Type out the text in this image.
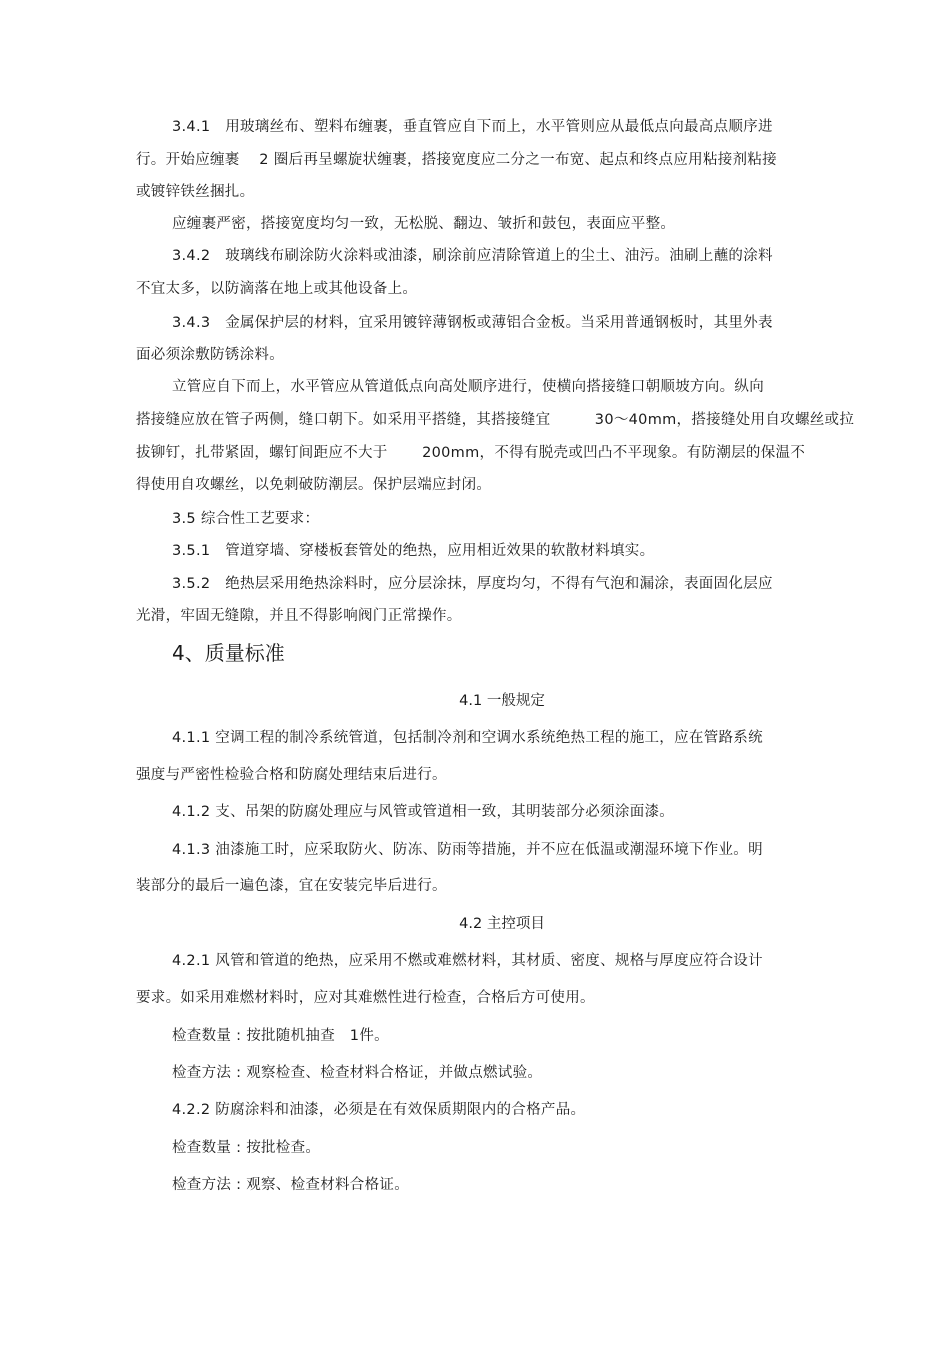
3.4.1　用玻璃丝布、塑料布缠裹，垂直管应自下而上，水平管则应从最低点向最高点顺序进
行。开始应缠裹　 2 圈后再呈螺旋状缠裹，搭接宽度应二分之一布宽、起点和终点应用粘接剂粘接
或镀锌铁丝捆扎。
应缠裹严密，搭接宽度均匀一致，无松脱、翻边、皱折和鼓包，表面应平整。
3.4.2　玻璃线布刷涂防火涂料或油漆，刷涂前应清除管道上的尘土、油污。油刷上蘸的涂料
不宜太多，以防滴落在地上或其他设备上。
3.4.3　金属保护层的材料，宜采用镀锌薄钢板或薄铝合金板。当采用普通钢板时，其里外表
面必须涂敷防锈涂料。
立管应自下而上，水平管应从管道低点向高处顺序进行，使横向搭接缝口朝顺坡方向。纵向
搭接缝应放在管子两侧，缝口朝下。如采用平搭缝，其搭接缝宜　　　30～40mm，搭接缝处用自攻螺丝或拉
拔铆钉，扎带紧固，螺钉间距应不大于　　 200mm，不得有脱壳或凹凸不平现象。有防潮层的保温不
得使用自攻螺丝，以免刺破防潮层。保护层端应封闭。
3.5 综合性工艺要求：
3.5.1　管道穿墙、穿楼板套管处的绝热，应用相近效果的软散材料填实。
3.5.2　绝热层采用绝热涂料时，应分层涂抹，厚度均匀，不得有气泡和漏涂，表面固化层应
光滑，牢固无缝隙，并且不得影响阀门正常操作。
4、质量标准
4.1 一般规定
4.1.1 空调工程的制冷系统管道，包括制冷剂和空调水系统绝热工程的施工，应在管路系统
强度与严密性检验合格和防腐处理结束后进行。
4.1.2 支、吊架的防腐处理应与风管或管道相一致，其明装部分必须涂面漆。
4.1.3 油漆施工时，应采取防火、防冻、防雨等措施，并不应在低温或潮湿环境下作业。明
装部分的最后一遍色漆，宜在安装完毕后进行。
4.2 主控项目
4.2.1 风管和管道的绝热，应采用不燃或难燃材料，其材质、密度、规格与厚度应符合设计
要求。如采用难燃材料时，应对其难燃性进行检查，合格后方可使用。
检查数量 : 按批随机抽查　1件。
检查方法 : 观察检查、检查材料合格证，并做点燃试验。
4.2.2 防腐涂料和油漆，必须是在有效保质期限内的合格产品。
检查数量 : 按批检查。
检查方法 : 观察、检查材料合格证。
